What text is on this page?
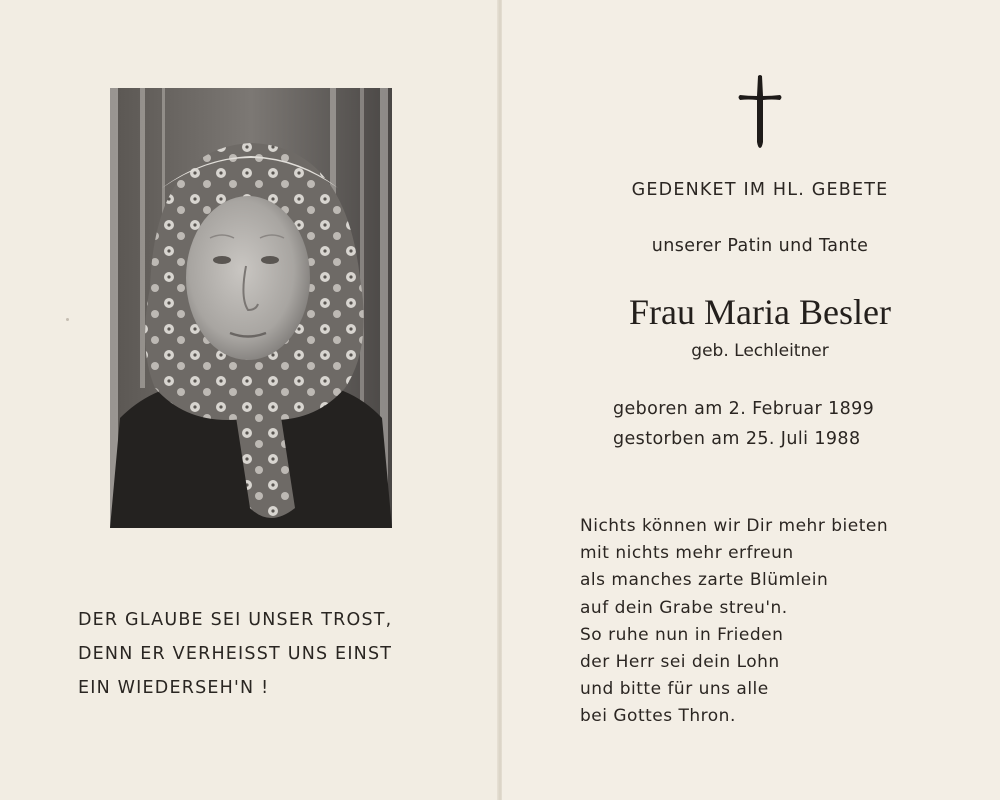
DER GLAUBE SEI UNSER TROST,
DENN ER VERHEISST UNS EINST
EIN WIEDERSEH'N !
GEDENKET IM HL. GEBETE
unserer Patin und Tante
Frau Maria Besler
geb. Lechleitner
geboren am 2. Februar 1899
gestorben am 25. Juli 1988
Nichts können wir Dir mehr bieten
mit nichts mehr erfreun
als manches zarte Blümlein
auf dein Grabe streu'n.
So ruhe nun in Frieden
der Herr sei dein Lohn
und bitte für uns alle
bei Gottes Thron.
